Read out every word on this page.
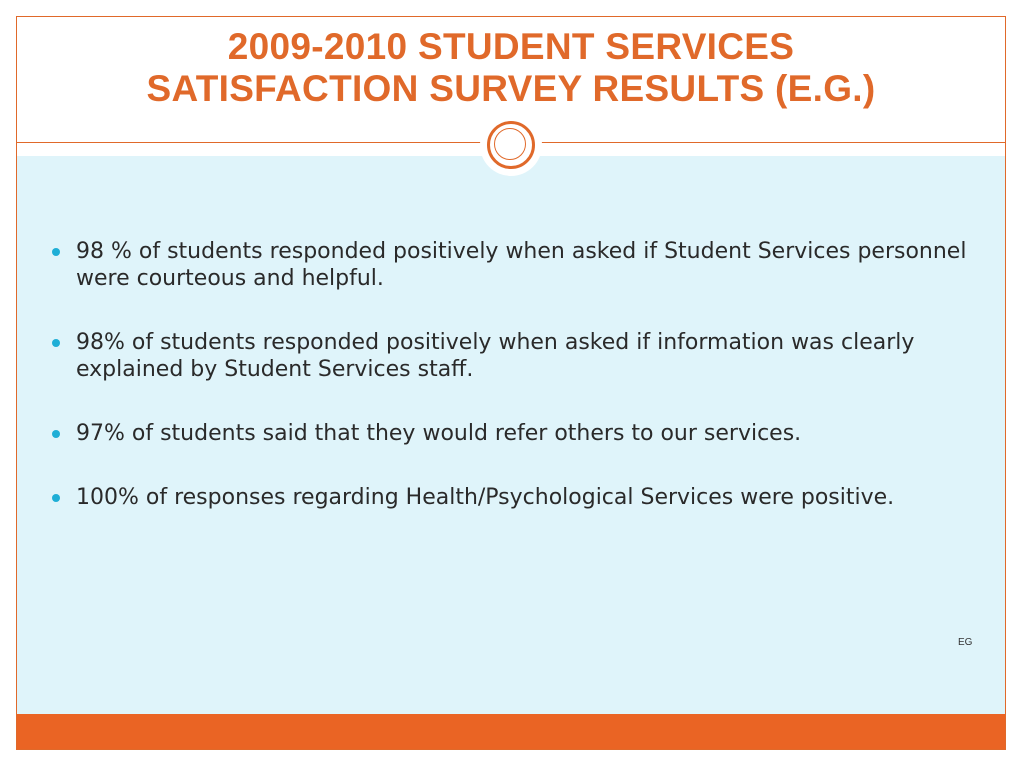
2009-2010 STUDENT SERVICES
SATISFACTION SURVEY RESULTS (E.G.)
98 % of students responded positively when asked if Student Services personnel were courteous and helpful.
98% of students responded positively when asked if information was clearly explained by Student Services staff.
97% of students said that they would refer others to our services.
100% of responses regarding Health/Psychological Services were positive.
EG
